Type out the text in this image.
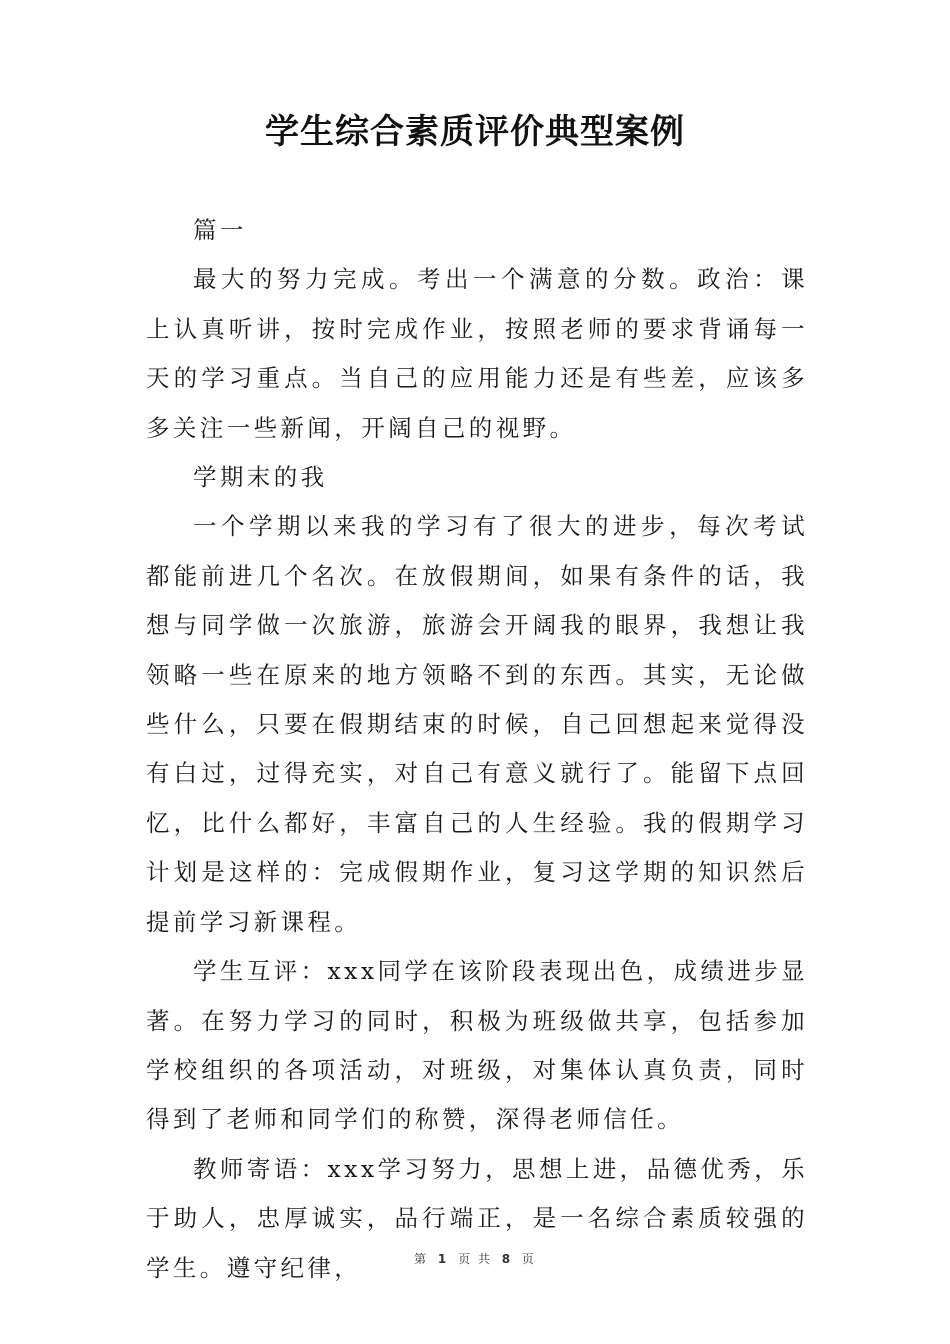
学生综合素质评价典型案例

篇一

最大的努力完成。考出一个满意的分数。政治：课上认真听讲，按时完成作业，按照老师的要求背诵每一天的学习重点。当自己的应用能力还是有些差，应该多多关注一些新闻，开阔自己的视野。

学期末的我

一个学期以来我的学习有了很大的进步，每次考试都能前进几个名次。在放假期间，如果有条件的话，我想与同学做一次旅游，旅游会开阔我的眼界，我想让我领略一些在原来的地方领略不到的东西。其实，无论做些什么，只要在假期结束的时候，自己回想起来觉得没有白过，过得充实，对自己有意义就行了。能留下点回忆，比什么都好，丰富自己的人生经验。我的假期学习计划是这样的：完成假期作业，复习这学期的知识然后提前学习新课程。

学生互评：xxx同学在该阶段表现出色，成绩进步显著。在努力学习的同时，积极为班级做共享，包括参加学校组织的各项活动，对班级，对集体认真负责，同时得到了老师和同学们的称赞，深得老师信任。

教师寄语：xxx学习努力，思想上进，品德优秀，乐于助人，忠厚诚实，品行端正，是一名综合素质较强的学生。遵守纪律，	第 1 页 共 8 页
